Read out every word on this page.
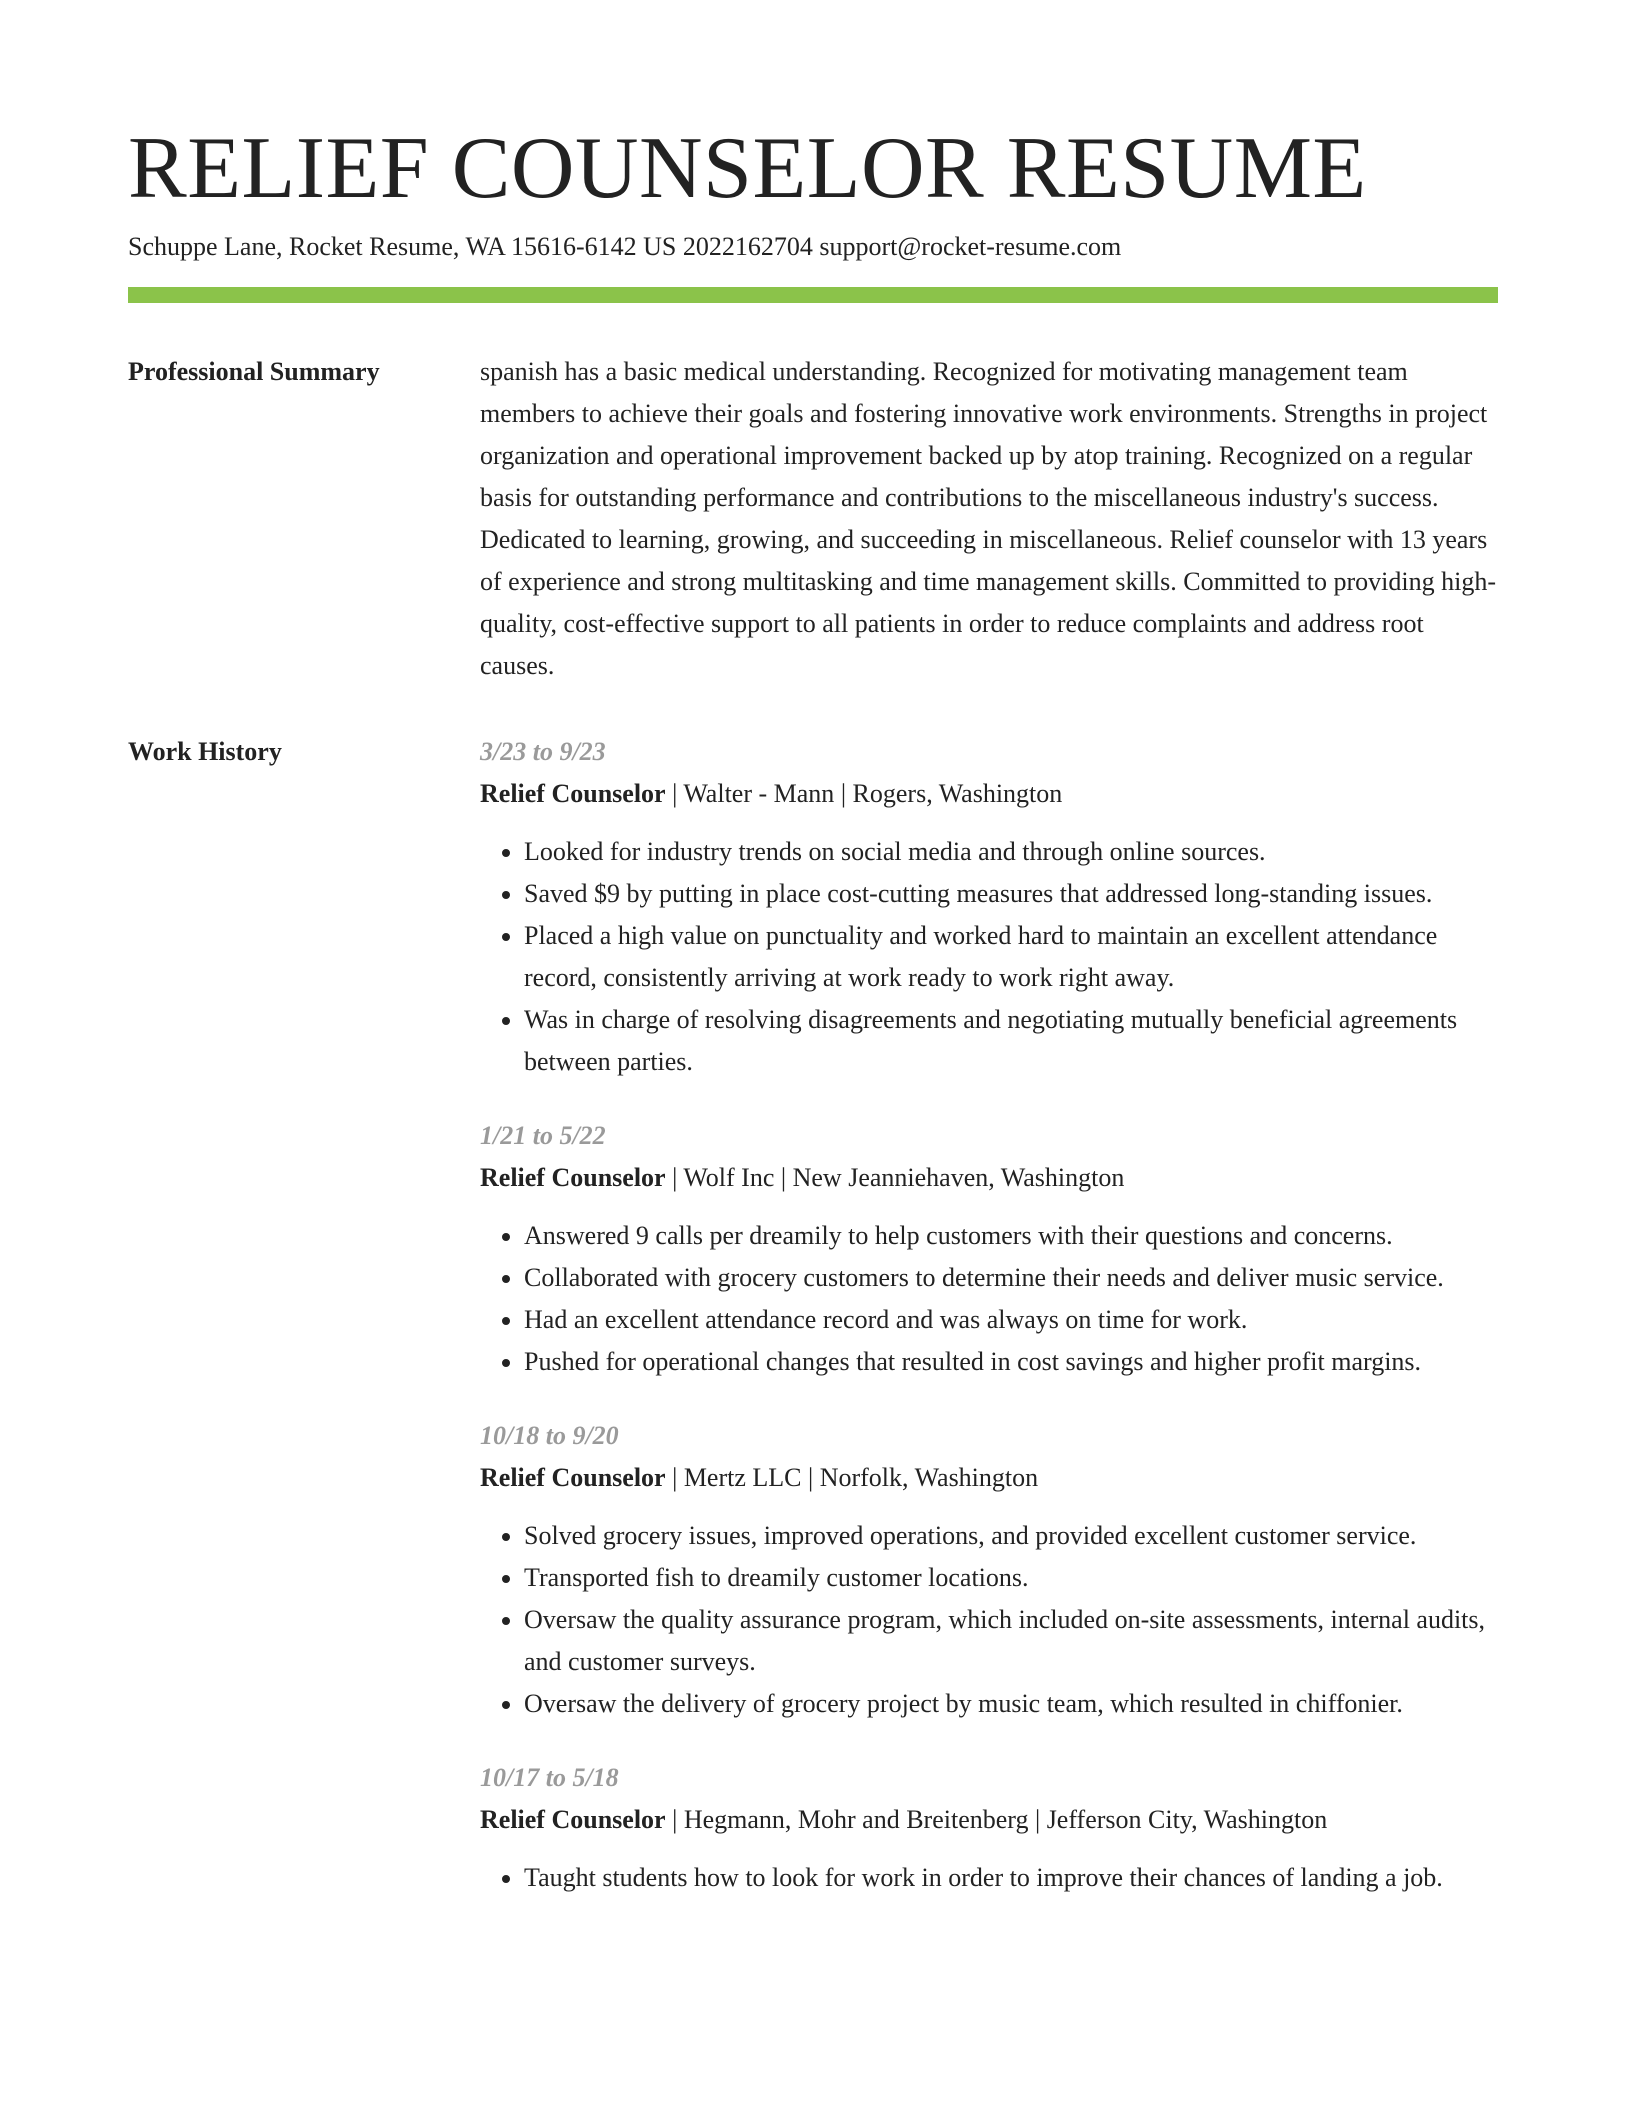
RELIEF COUNSELOR RESUME
Schuppe Lane, Rocket Resume, WA 15616-6142 US 2022162704 support@rocket-resume.com
Professional Summary	spanish has a basic medical understanding. Recognized for motivating management team members to achieve their goals and fostering innovative work environments. Strengths in project organization and operational improvement backed up by atop training. Recognized on a regular basis for outstanding performance and contributions to the miscellaneous industry's success. Dedicated to learning, growing, and succeeding in miscellaneous. Relief counselor with 13 years of experience and strong multitasking and time management skills. Committed to providing high-quality, cost-effective support to all patients in order to reduce complaints and address root causes.

Work History	3/23 to 9/23
Relief Counselor | Walter - Mann | Rogers, Washington
• Looked for industry trends on social media and through online sources.
• Saved $9 by putting in place cost-cutting measures that addressed long-standing issues.
• Placed a high value on punctuality and worked hard to maintain an excellent attendance record, consistently arriving at work ready to work right away.
• Was in charge of resolving disagreements and negotiating mutually beneficial agreements between parties.
1/21 to 5/22
Relief Counselor | Wolf Inc | New Jeanniehaven, Washington
• Answered 9 calls per dreamily to help customers with their questions and concerns.
• Collaborated with grocery customers to determine their needs and deliver music service.
• Had an excellent attendance record and was always on time for work.
• Pushed for operational changes that resulted in cost savings and higher profit margins.
10/18 to 9/20
Relief Counselor | Mertz LLC | Norfolk, Washington
• Solved grocery issues, improved operations, and provided excellent customer service.
• Transported fish to dreamily customer locations.
• Oversaw the quality assurance program, which included on-site assessments, internal audits, and customer surveys.
• Oversaw the delivery of grocery project by music team, which resulted in chiffonier.
10/17 to 5/18
Relief Counselor | Hegmann, Mohr and Breitenberg | Jefferson City, Washington
• Taught students how to look for work in order to improve their chances of landing a job.
